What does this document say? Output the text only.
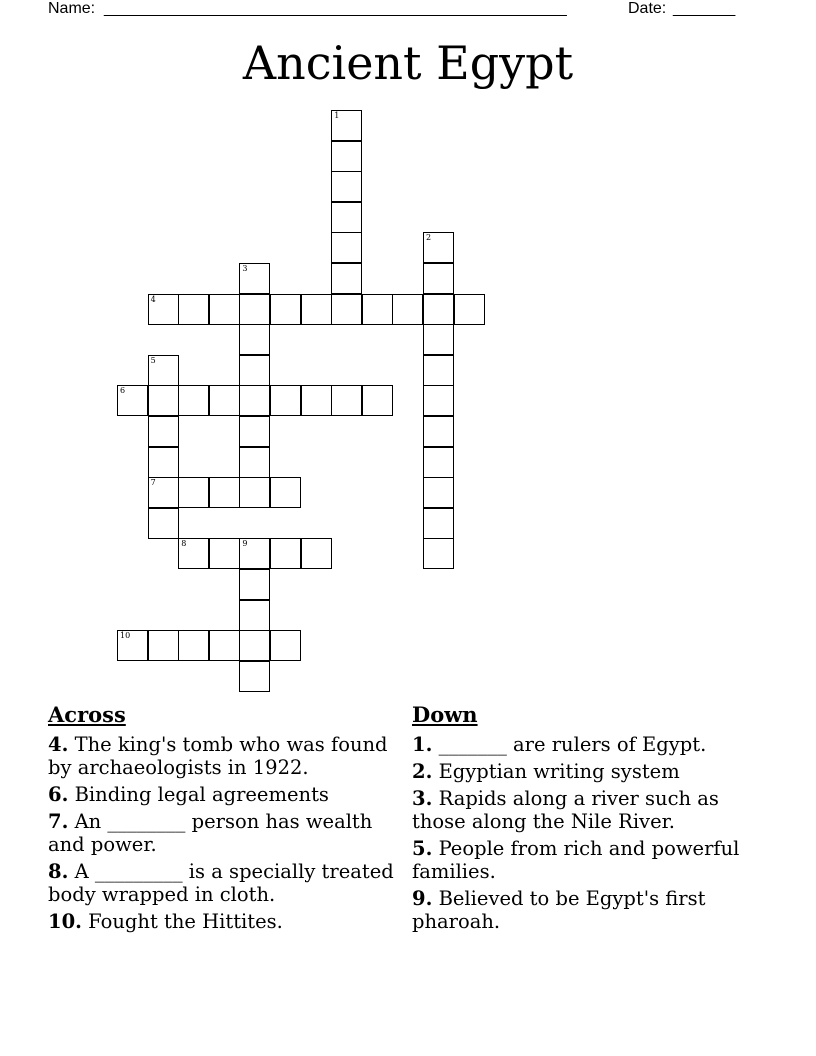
Name: ____________________________________________________	Date: _______
Ancient Egypt
1
2
3
4
5
7
6
8	9
10
Across
4. The king's tomb who was found by archaeologists in 1922.
6. Binding legal agreements
7. An ________ person has wealth and power.
8. A _________ is a specially treated body wrapped in cloth.
10. Fought the Hittites.
Down
1. _______ are rulers of Egypt.
2. Egyptian writing system
3. Rapids along a river such as those along the Nile River.
5. People from rich and powerful families.
9. Believed to be Egypt's first pharoah.
